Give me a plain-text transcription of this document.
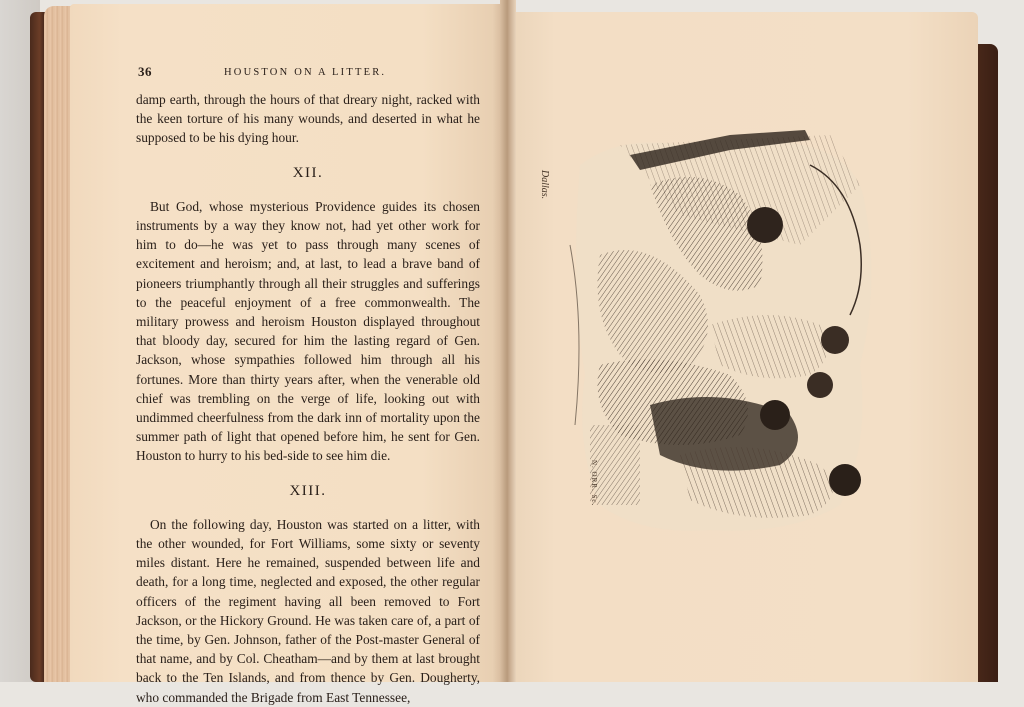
36	HOUSTON ON A LITTER.

damp earth, through the hours of that dreary night, racked with the keen torture of his many wounds, and deserted in what he supposed to be his dying hour.

XII.

But God, whose mysterious Providence guides its chosen instruments by a way they know not, had yet other work for him to do—he was yet to pass through many scenes of excitement and heroism; and, at last, to lead a brave band of pioneers triumphantly through all their struggles and sufferings to the peaceful enjoyment of a free commonwealth. The military prowess and heroism Houston displayed throughout that bloody day, secured for him the lasting regard of Gen. Jackson, whose sympathies followed him through all his fortunes. More than thirty years after, when the venerable old chief was trembling on the verge of life, looking out with undimmed cheerfulness from the dark inn of mortality upon the summer path of light that opened before him, he sent for Gen. Houston to hurry to his bed-side to see him die.

XIII.

On the following day, Houston was started on a litter, with the other wounded, for Fort Williams, some sixty or seventy miles distant. Here he remained, suspended between life and death, for a long time, neglected and exposed, the other regular officers of the regiment having all been removed to Fort Jackson, or the Hickory Ground. He was taken care of, a part of the time, by Gen. Johnson, father of the Post-master General of that name, and by Col. Cheatham—and by them at last brought back to the Ten Islands, and from thence by Gen. Dougherty, who commanded the Brigade from East Tennessee,

Dallas.
N. ORR. Sc.
